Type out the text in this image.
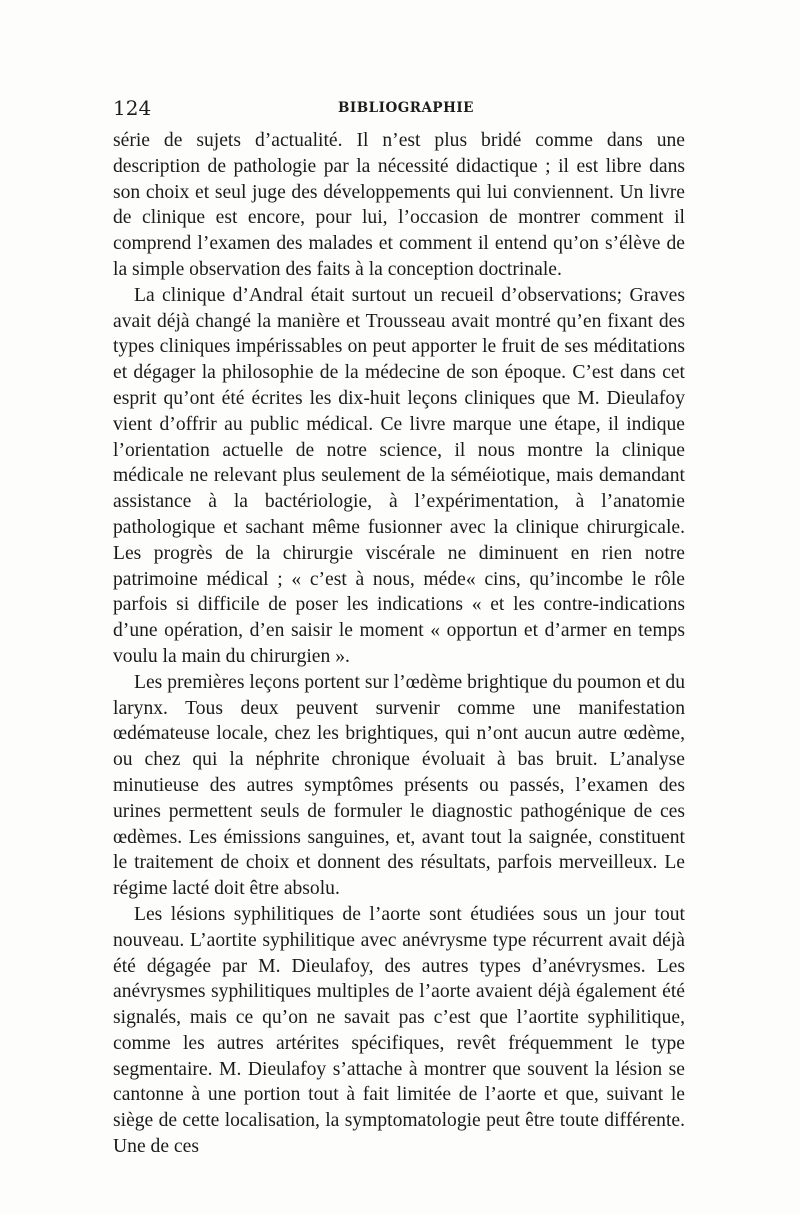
124	BIBLIOGRAPHIE

série de sujets d’actualité. Il n’est plus bridé comme dans une description de pathologie par la nécessité didactique ; il est libre dans son choix et seul juge des développements qui lui conviennent. Un livre de clinique est encore, pour lui, l’occasion de montrer comment il comprend l’examen des malades et comment il entend qu’on s’élève de la simple observation des faits à la conception doctrinale.

La clinique d’Andral était surtout un recueil d’observations; Graves avait déjà changé la manière et Trousseau avait montré qu’en fixant des types cliniques impérissables on peut apporter le fruit de ses méditations et dégager la philosophie de la médecine de son époque. C’est dans cet esprit qu’ont été écrites les dix-huit leçons cliniques que M. Dieulafoy vient d’offrir au public médical. Ce livre marque une étape, il indique l’orientation actuelle de notre science, il nous montre la clinique médicale ne relevant plus seulement de la séméiotique, mais demandant assistance à la bactériologie, à l’expérimentation, à l’anatomie pathologique et sachant même fusionner avec la clinique chirurgicale. Les progrès de la chirurgie viscérale ne diminuent en rien notre patrimoine médical ; « c’est à nous, méde« cins, qu’incombe le rôle parfois si difficile de poser les indications « et les contre-indications d’une opération, d’en saisir le moment « opportun et d’armer en temps voulu la main du chirurgien ».

Les premières leçons portent sur l’œdème brightique du poumon et du larynx. Tous deux peuvent survenir comme une manifestation œdémateuse locale, chez les brightiques, qui n’ont aucun autre œdème, ou chez qui la néphrite chronique évoluait à bas bruit. L’analyse minutieuse des autres symptômes présents ou passés, l’examen des urines permettent seuls de formuler le diagnostic pathogénique de ces œdèmes. Les émissions sanguines, et, avant tout la saignée, constituent le traitement de choix et donnent des résultats, parfois merveilleux. Le régime lacté doit être absolu.

Les lésions syphilitiques de l’aorte sont étudiées sous un jour tout nouveau. L’aortite syphilitique avec anévrysme type récurrent avait déjà été dégagée par M. Dieulafoy, des autres types d’anévrysmes. Les anévrysmes syphilitiques multiples de l’aorte avaient déjà également été signalés, mais ce qu’on ne savait pas c’est que l’aortite syphilitique, comme les autres artérites spécifiques, revêt fréquemment le type segmentaire. M. Dieulafoy s’attache à montrer que souvent la lésion se cantonne à une portion tout à fait limitée de l’aorte et que, suivant le siège de cette localisation, la symptomatologie peut être toute différente. Une de ces
